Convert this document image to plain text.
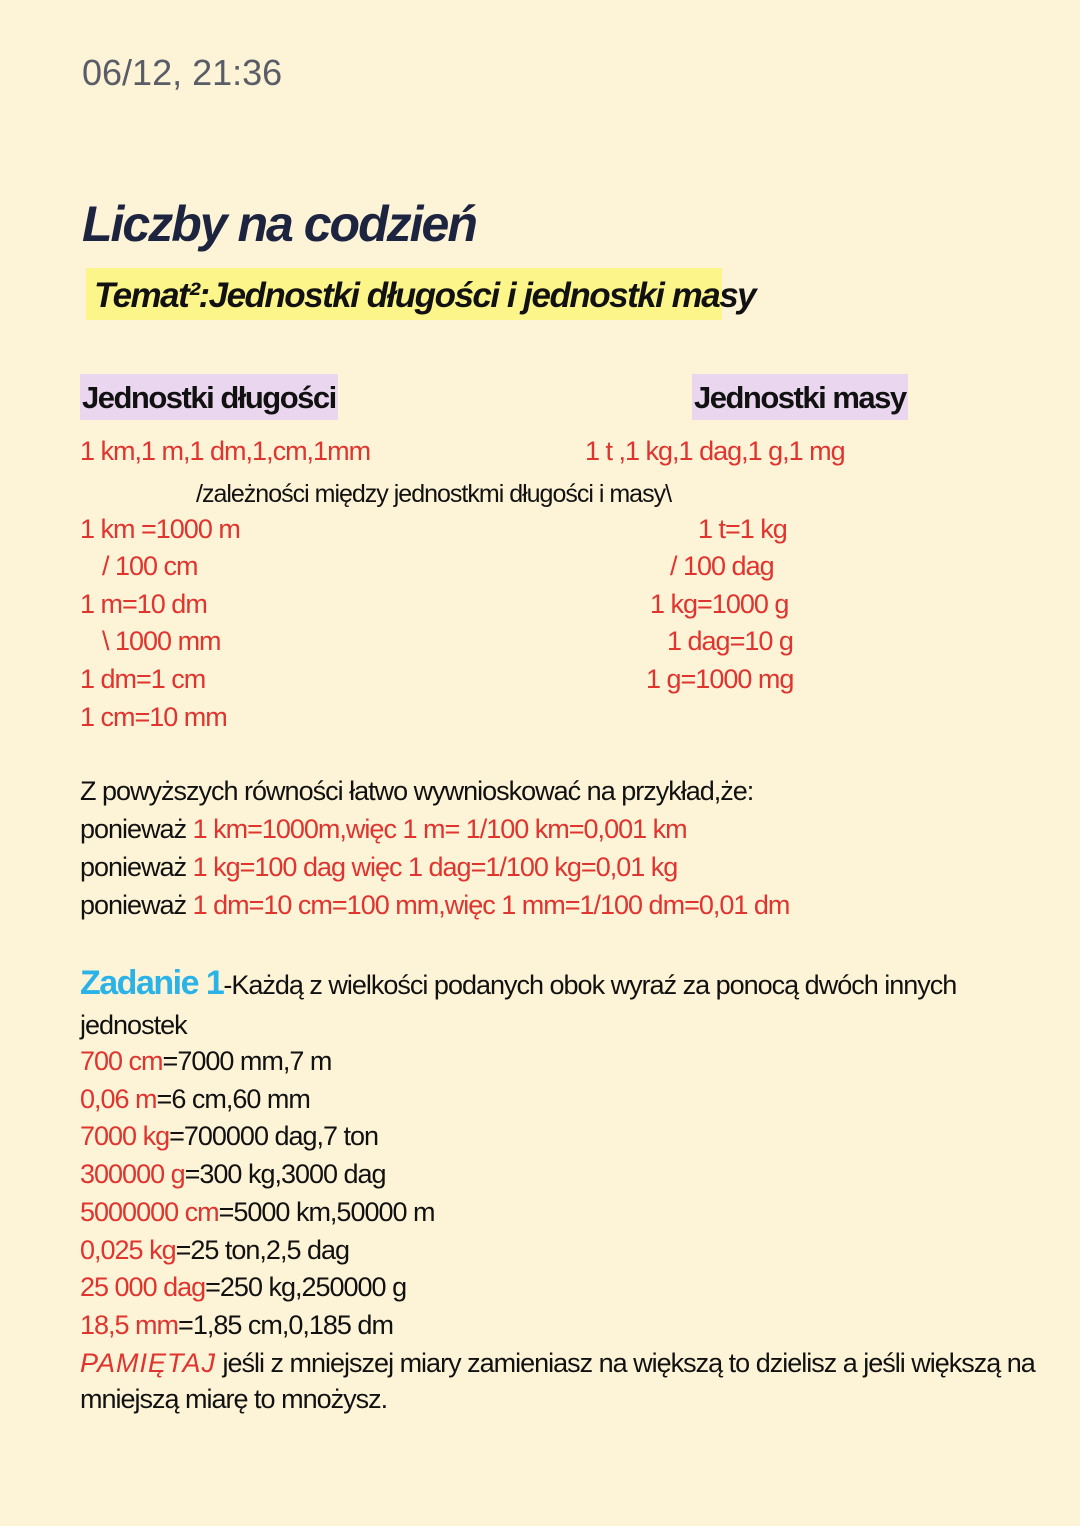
06/12, 21:36
Liczby na codzień
Temat²:Jednostki długości i jednostki masy
Jednostki długości	Jednostki masy
1 km,1 m,1 dm,1,cm,1mm	1 t ,1 kg,1 dag,1 g,1 mg
/zależności między jednostkmi długości i masy\
1 km =1000 m
/ 100 cm
1 m=10 dm
\ 1000 mm
1 dm=1 cm
1 cm=10 mm
1 t=1 kg
/ 100 dag
1 kg=1000 g
1 dag=10 g
1 g=1000 mg
Z powyższych równości łatwo wywnioskować na przykład,że:
ponieważ 1 km=1000m,więc 1 m= 1/100 km=0,001 km
ponieważ 1 kg=100 dag więc 1 dag=1/100 kg=0,01 kg
ponieważ 1 dm=10 cm=100 mm,więc 1 mm=1/100 dm=0,01 dm
Zadanie 1-Każdą z wielkości podanych obok wyraź za ponocą dwóch innych
jednostek
700 cm=7000 mm,7 m
0,06 m=6 cm,60 mm
7000 kg=700000 dag,7 ton
300000 g=300 kg,3000 dag
5000000 cm=5000 km,50000 m
0,025 kg=25 ton,2,5 dag
25 000 dag=250 kg,250000 g
18,5 mm=1,85 cm,0,185 dm
PAMIĘTAJ jeśli z mniejszej miary zamieniasz na większą to dzielisz a jeśli większą na
mniejszą miarę to mnożysz.
